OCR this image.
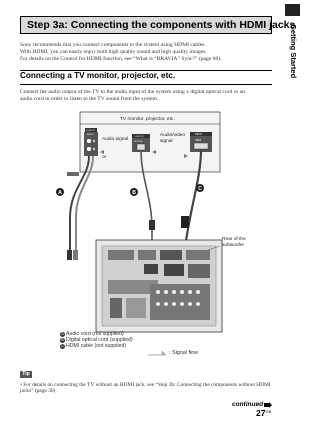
Getting Started
Step 3a: Connecting the components with HDMI jacks
Sony recommends that you connect components to the system using HDMI cables.
With HDMI, you can easily enjoy both high quality sound and high quality images.
For details on the Control for HDMI function, see “What is “BRAVIA” Sync?” (page 60).
Connecting a TV monitor, projector, etc.
Connect the audio output of the TV to the audio input of the system using a digital optical cord or an
audio cord in order to listen to the TV sound from the system.
TV monitor, projector, etc.
OUTPUT
AUDIO
Audio signal
or
OUTPUT
OPTICAL
Audio/video
signal
INPUT
HDMI
A	B
C
Rear of the
subwoofer
A Audio cord (not supplied)
B Digital optical cord (supplied)
C HDMI cable (not supplied)
: Signal flow
Tip
• For details on connecting the TV without an HDMI jack, see “Step 3b: Connecting the components without HDMI
jacks” (page 30).
continued
$27^{GB}$
